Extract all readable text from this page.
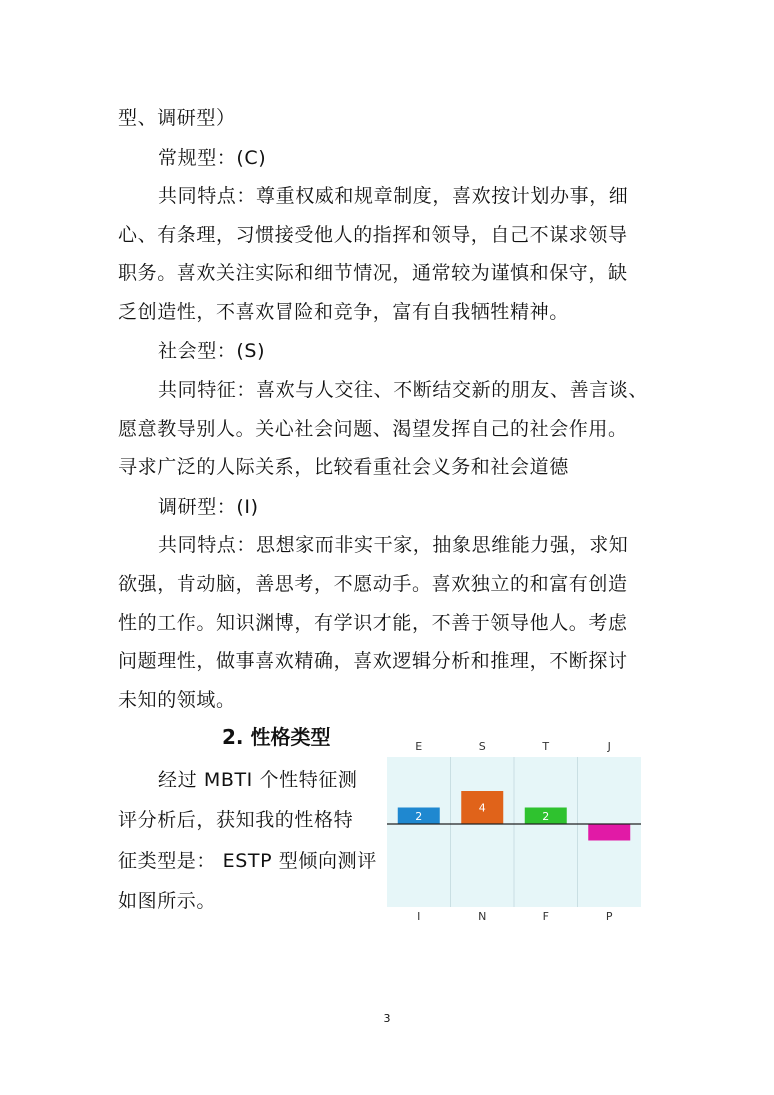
型、调研型）

常规型：(C)

共同特点：尊重权威和规章制度，喜欢按计划办事，细

心、有条理，习惯接受他人的指挥和领导，自己不谋求领导

职务。喜欢关注实际和细节情况，通常较为谨慎和保守，缺

乏创造性，不喜欢冒险和竞争，富有自我牺牲精神。

社会型：(S)

共同特征：喜欢与人交往、不断结交新的朋友、善言谈、

愿意教导别人。关心社会问题、渴望发挥自己的社会作用。

寻求广泛的人际关系，比较看重社会义务和社会道德

调研型：(I)

共同特点：思想家而非实干家，抽象思维能力强，求知

欲强，肯动脑，善思考，不愿动手。喜欢独立的和富有创造

性的工作。知识渊博，有学识才能，不善于领导他人。考虑

问题理性，做事喜欢精确，喜欢逻辑分析和推理，不断探讨

未知的领域。

2. 性格类型

经过 MBTI 个性特征测

评分析后，获知我的性格特

征类型是： ESTP 型倾向测评

如图所示。

2
E
I
4
S
N
2
T
F
J
P
3
